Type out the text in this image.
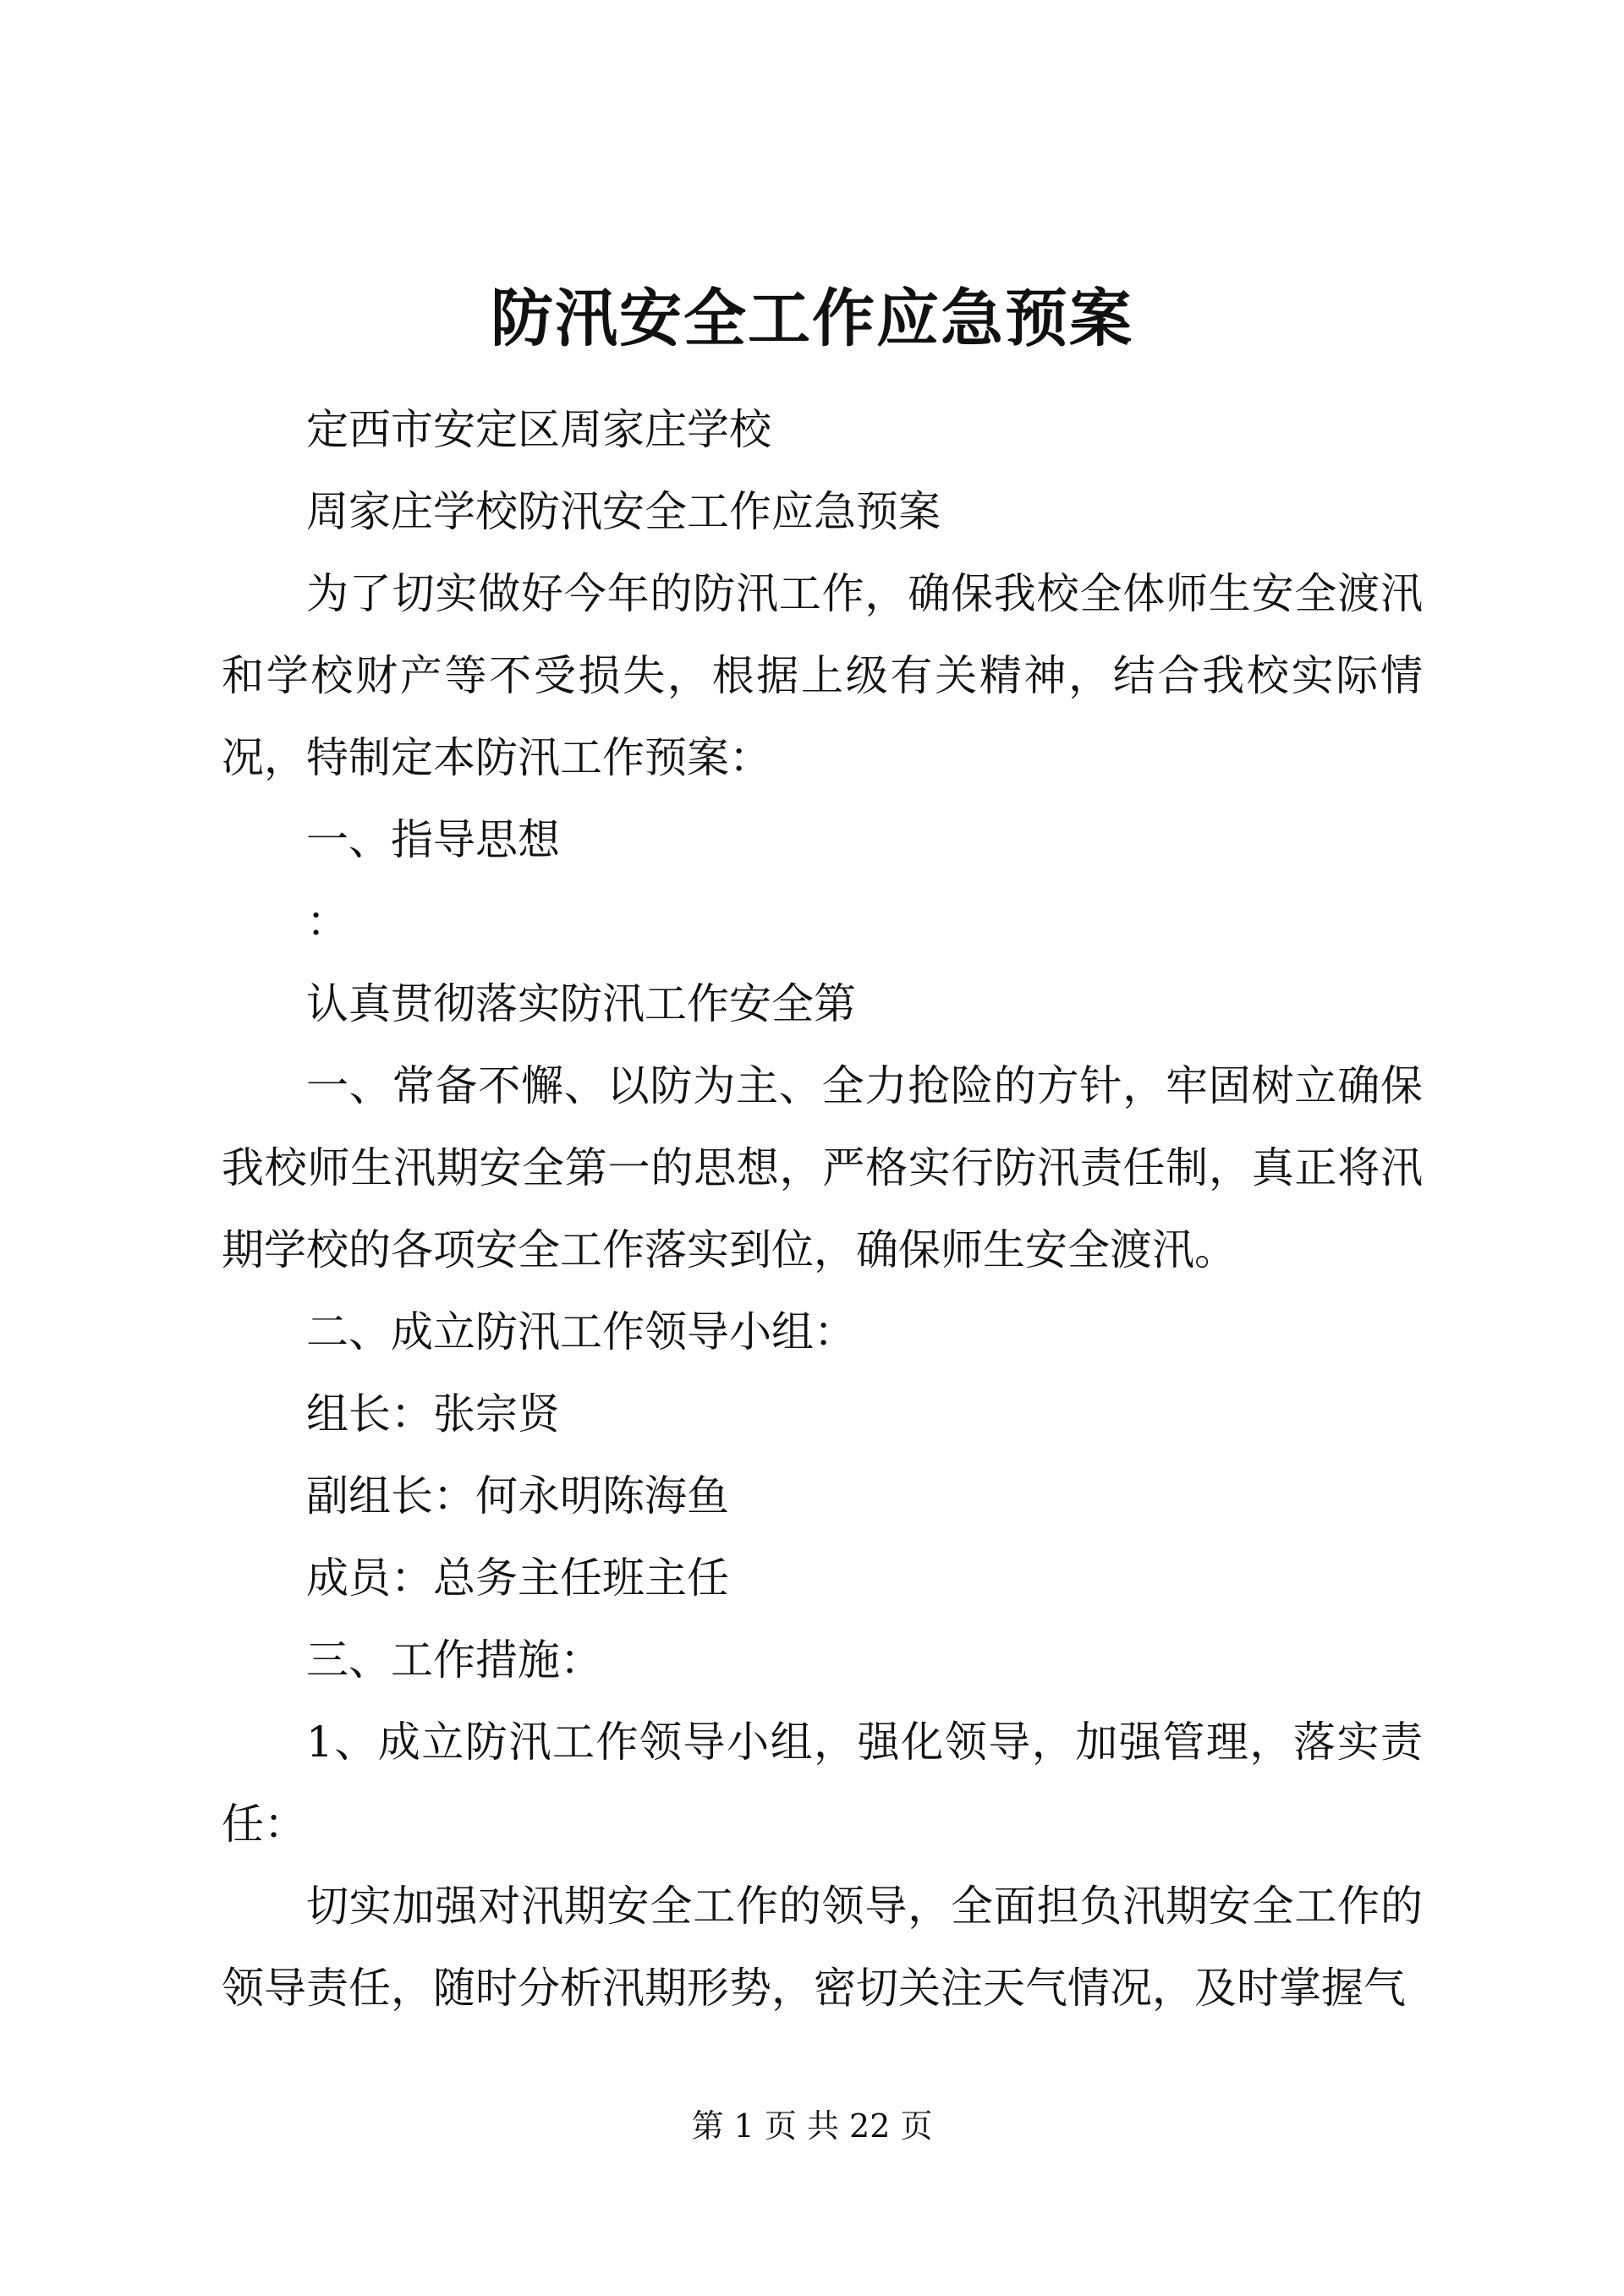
防汛安全工作应急预案

定西市安定区周家庄学校

周家庄学校防汛安全工作应急预案

为了切实做好今年的防汛工作，确保我校全体师生安全渡汛和学校财产等不受损失，根据上级有关精神，结合我校实际情况，特制定本防汛工作预案：

一、指导思想

：

认真贯彻落实防汛工作安全第

一、常备不懈、以防为主、全力抢险的方针，牢固树立确保我校师生汛期安全第一的思想，严格实行防汛责任制，真正将汛期学校的各项安全工作落实到位，确保师生安全渡汛。

二、成立防汛工作领导小组：

组长：张宗贤

副组长：何永明陈海鱼

成员：总务主任班主任

三、工作措施：

1、成立防汛工作领导小组，强化领导，加强管理，落实责任：

切实加强对汛期安全工作的领导，全面担负汛期安全工作的领导责任，随时分析汛期形势，密切关注天气情况，及时掌握气

第 1 页 共 22 页
